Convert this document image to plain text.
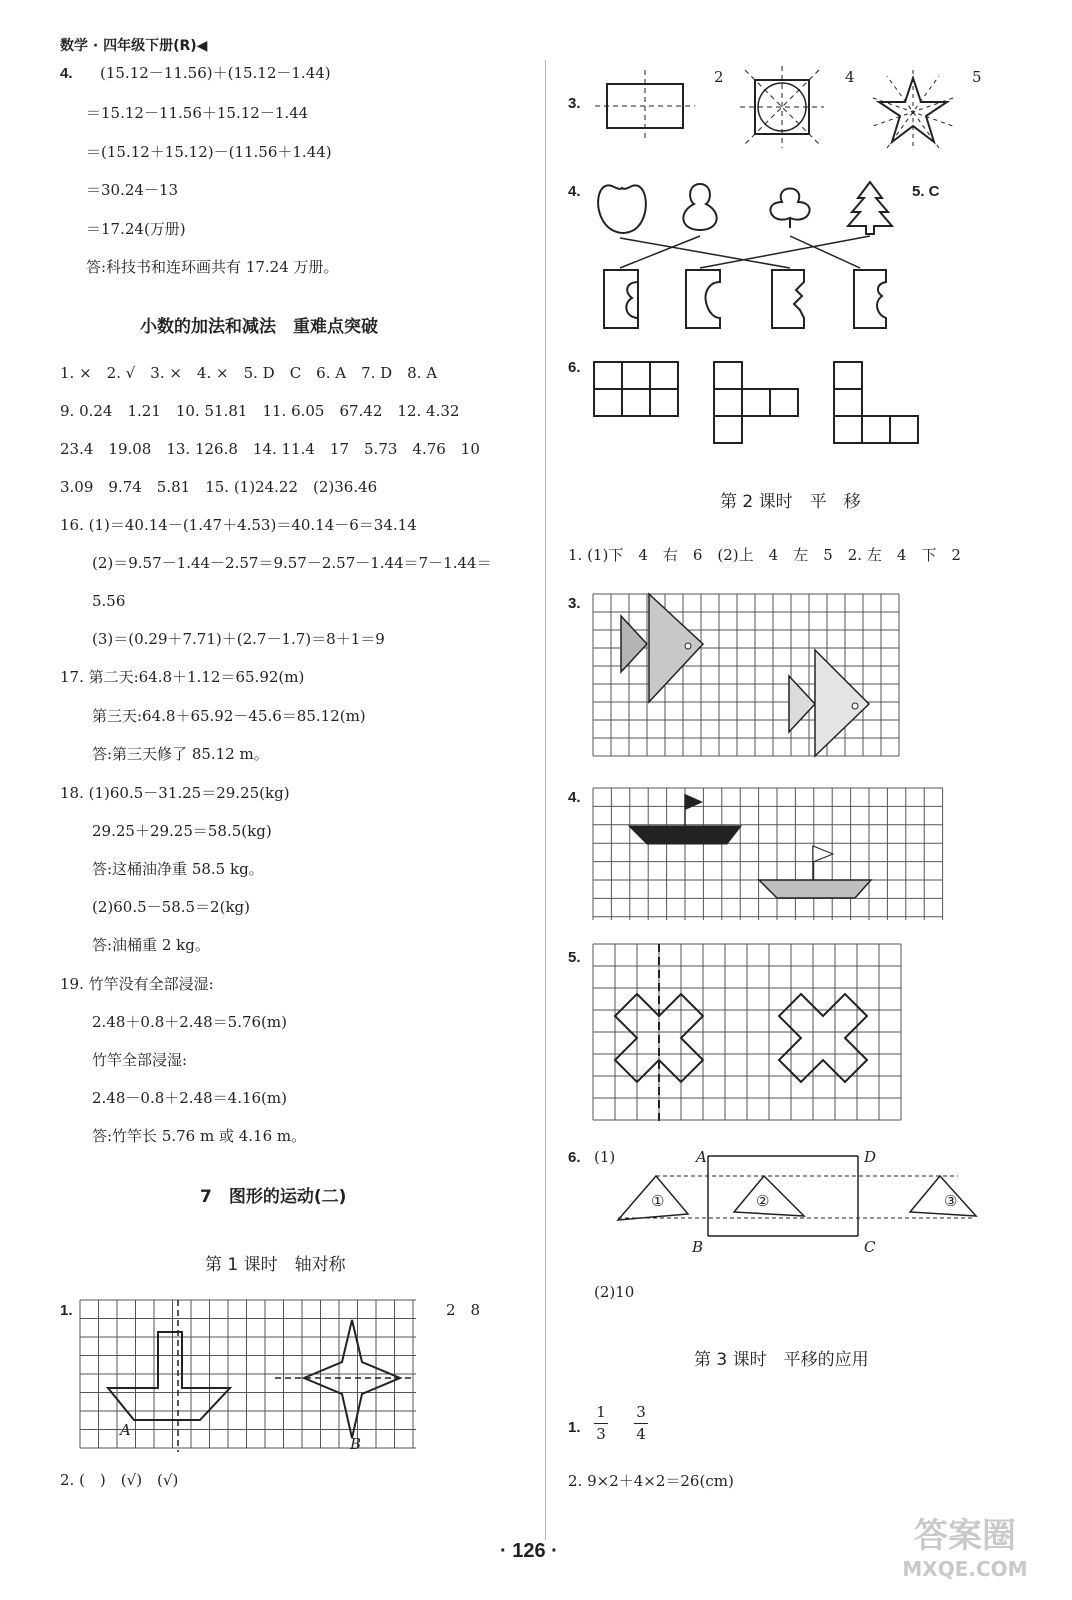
数学 · 四年级下册(R)◀
4. (15.12－11.56)＋(15.12－1.44)
＝15.12－11.56＋15.12－1.44
＝(15.12＋15.12)－(11.56＋1.44)
＝30.24－13
＝17.24(万册)
答:科技书和连环画共有 17.24 万册。
小数的加法和减法　重难点突破
1. ×　2. √　3. ×　4. ×　5. D　C　6. A　7. D　8. A
9. 0.24　1.21　10. 51.81　11. 6.05　67.42　12. 4.32
23.4　19.08　13. 126.8　14. 11.4　17　5.73　4.76　10
3.09　9.74　5.81　15. (1)24.22　(2)36.46
16. (1)＝40.14－(1.47＋4.53)＝40.14－6＝34.14
(2)＝9.57－1.44－2.57＝9.57－2.57－1.44＝7－1.44＝
5.56
(3)＝(0.29＋7.71)＋(2.7－1.7)＝8＋1＝9
17. 第二天:64.8＋1.12＝65.92(m)
第三天:64.8＋65.92－45.6＝85.12(m)
答:第三天修了 85.12 m。
18. (1)60.5－31.25＝29.25(kg)
29.25＋29.25＝58.5(kg)
答:这桶油净重 58.5 kg。
(2)60.5－58.5＝2(kg)
答:油桶重 2 kg。
19. 竹竿没有全部浸湿:
2.48＋0.8＋2.48＝5.76(m)
竹竿全部浸湿:
2.48－0.8＋2.48＝4.16(m)
答:竹竿长 5.76 m 或 4.16 m。
7　图形的运动(二)
第 1 课时　轴对称
1.	2　8
A
B
2. (　)　(√)　(√)
3.
2	4	5
4.	5. C
6.
第 2 课时　平　移
1. (1)下　4　右　6　(2)上　4　左　5　2. 左　4　下　2
3.
4.
5.
6. (1)	A	D
B	C
①	②	③
(2)10
第 3 课时　平移的应用
1.
1
3
3
4
2. 9×2＋4×2＝26(cm)
· 126 ·	答案圈
MXQE.COM
